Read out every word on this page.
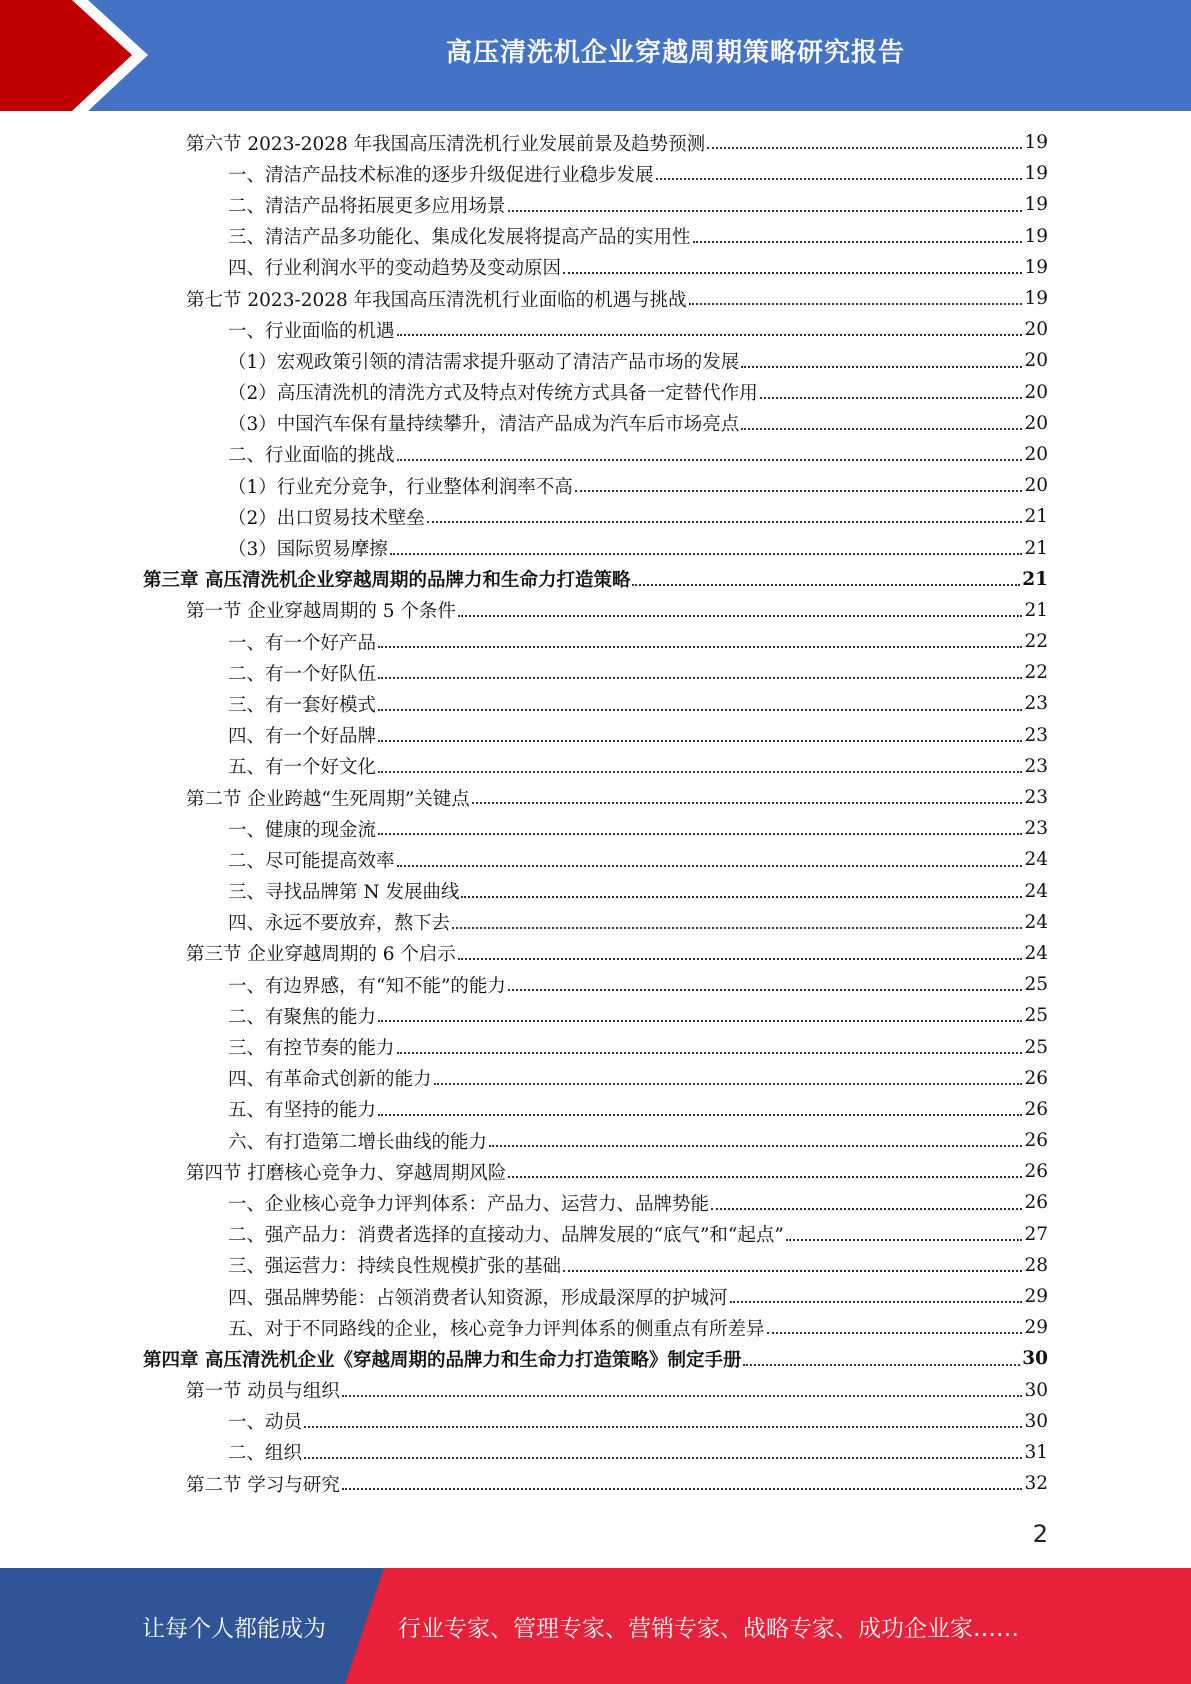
高压清洗机企业穿越周期策略研究报告
第六节 2023-2028 年我国高压清洗机行业发展前景及趋势预测	19
一、清洁产品技术标准的逐步升级促进行业稳步发展	19
二、清洁产品将拓展更多应用场景	19
三、清洁产品多功能化、集成化发展将提高产品的实用性	19
四、行业利润水平的变动趋势及变动原因	19
第七节 2023-2028 年我国高压清洗机行业面临的机遇与挑战	19
一、行业面临的机遇	20
（1）宏观政策引领的清洁需求提升驱动了清洁产品市场的发展	20
（2）高压清洗机的清洗方式及特点对传统方式具备一定替代作用	20
（3）中国汽车保有量持续攀升，清洁产品成为汽车后市场亮点	20
二、行业面临的挑战	20
（1）行业充分竞争，行业整体利润率不高	20
（2）出口贸易技术壁垒	21
（3）国际贸易摩擦	21
第三章 高压清洗机企业穿越周期的品牌力和生命力打造策略	21
第一节 企业穿越周期的 5 个条件	21
一、有一个好产品	22
二、有一个好队伍	22
三、有一套好模式	23
四、有一个好品牌	23
五、有一个好文化	23
第二节 企业跨越“生死周期”关键点	23
一、健康的现金流	23
二、尽可能提高效率	24
三、寻找品牌第 N 发展曲线	24
四、永远不要放弃，熬下去	24
第三节 企业穿越周期的 6 个启示	24
一、有边界感，有“知不能”的能力	25
二、有聚焦的能力	25
三、有控节奏的能力	25
四、有革命式创新的能力	26
五、有坚持的能力	26
六、有打造第二增长曲线的能力	26
第四节 打磨核心竞争力、穿越周期风险	26
一、企业核心竞争力评判体系：产品力、运营力、品牌势能	26
二、强产品力：消费者选择的直接动力、品牌发展的“底气”和“起点”	27
三、强运营力：持续良性规模扩张的基础	28
四、强品牌势能：占领消费者认知资源，形成最深厚的护城河	29
五、对于不同路线的企业，核心竞争力评判体系的侧重点有所差异	29
第四章 高压清洗机企业《穿越周期的品牌力和生命力打造策略》制定手册	30
第一节 动员与组织	30
一、动员	30
二、组织	31
第二节 学习与研究	32
2
让每个人都能成为	行业专家、管理专家、营销专家、战略专家、成功企业家……
